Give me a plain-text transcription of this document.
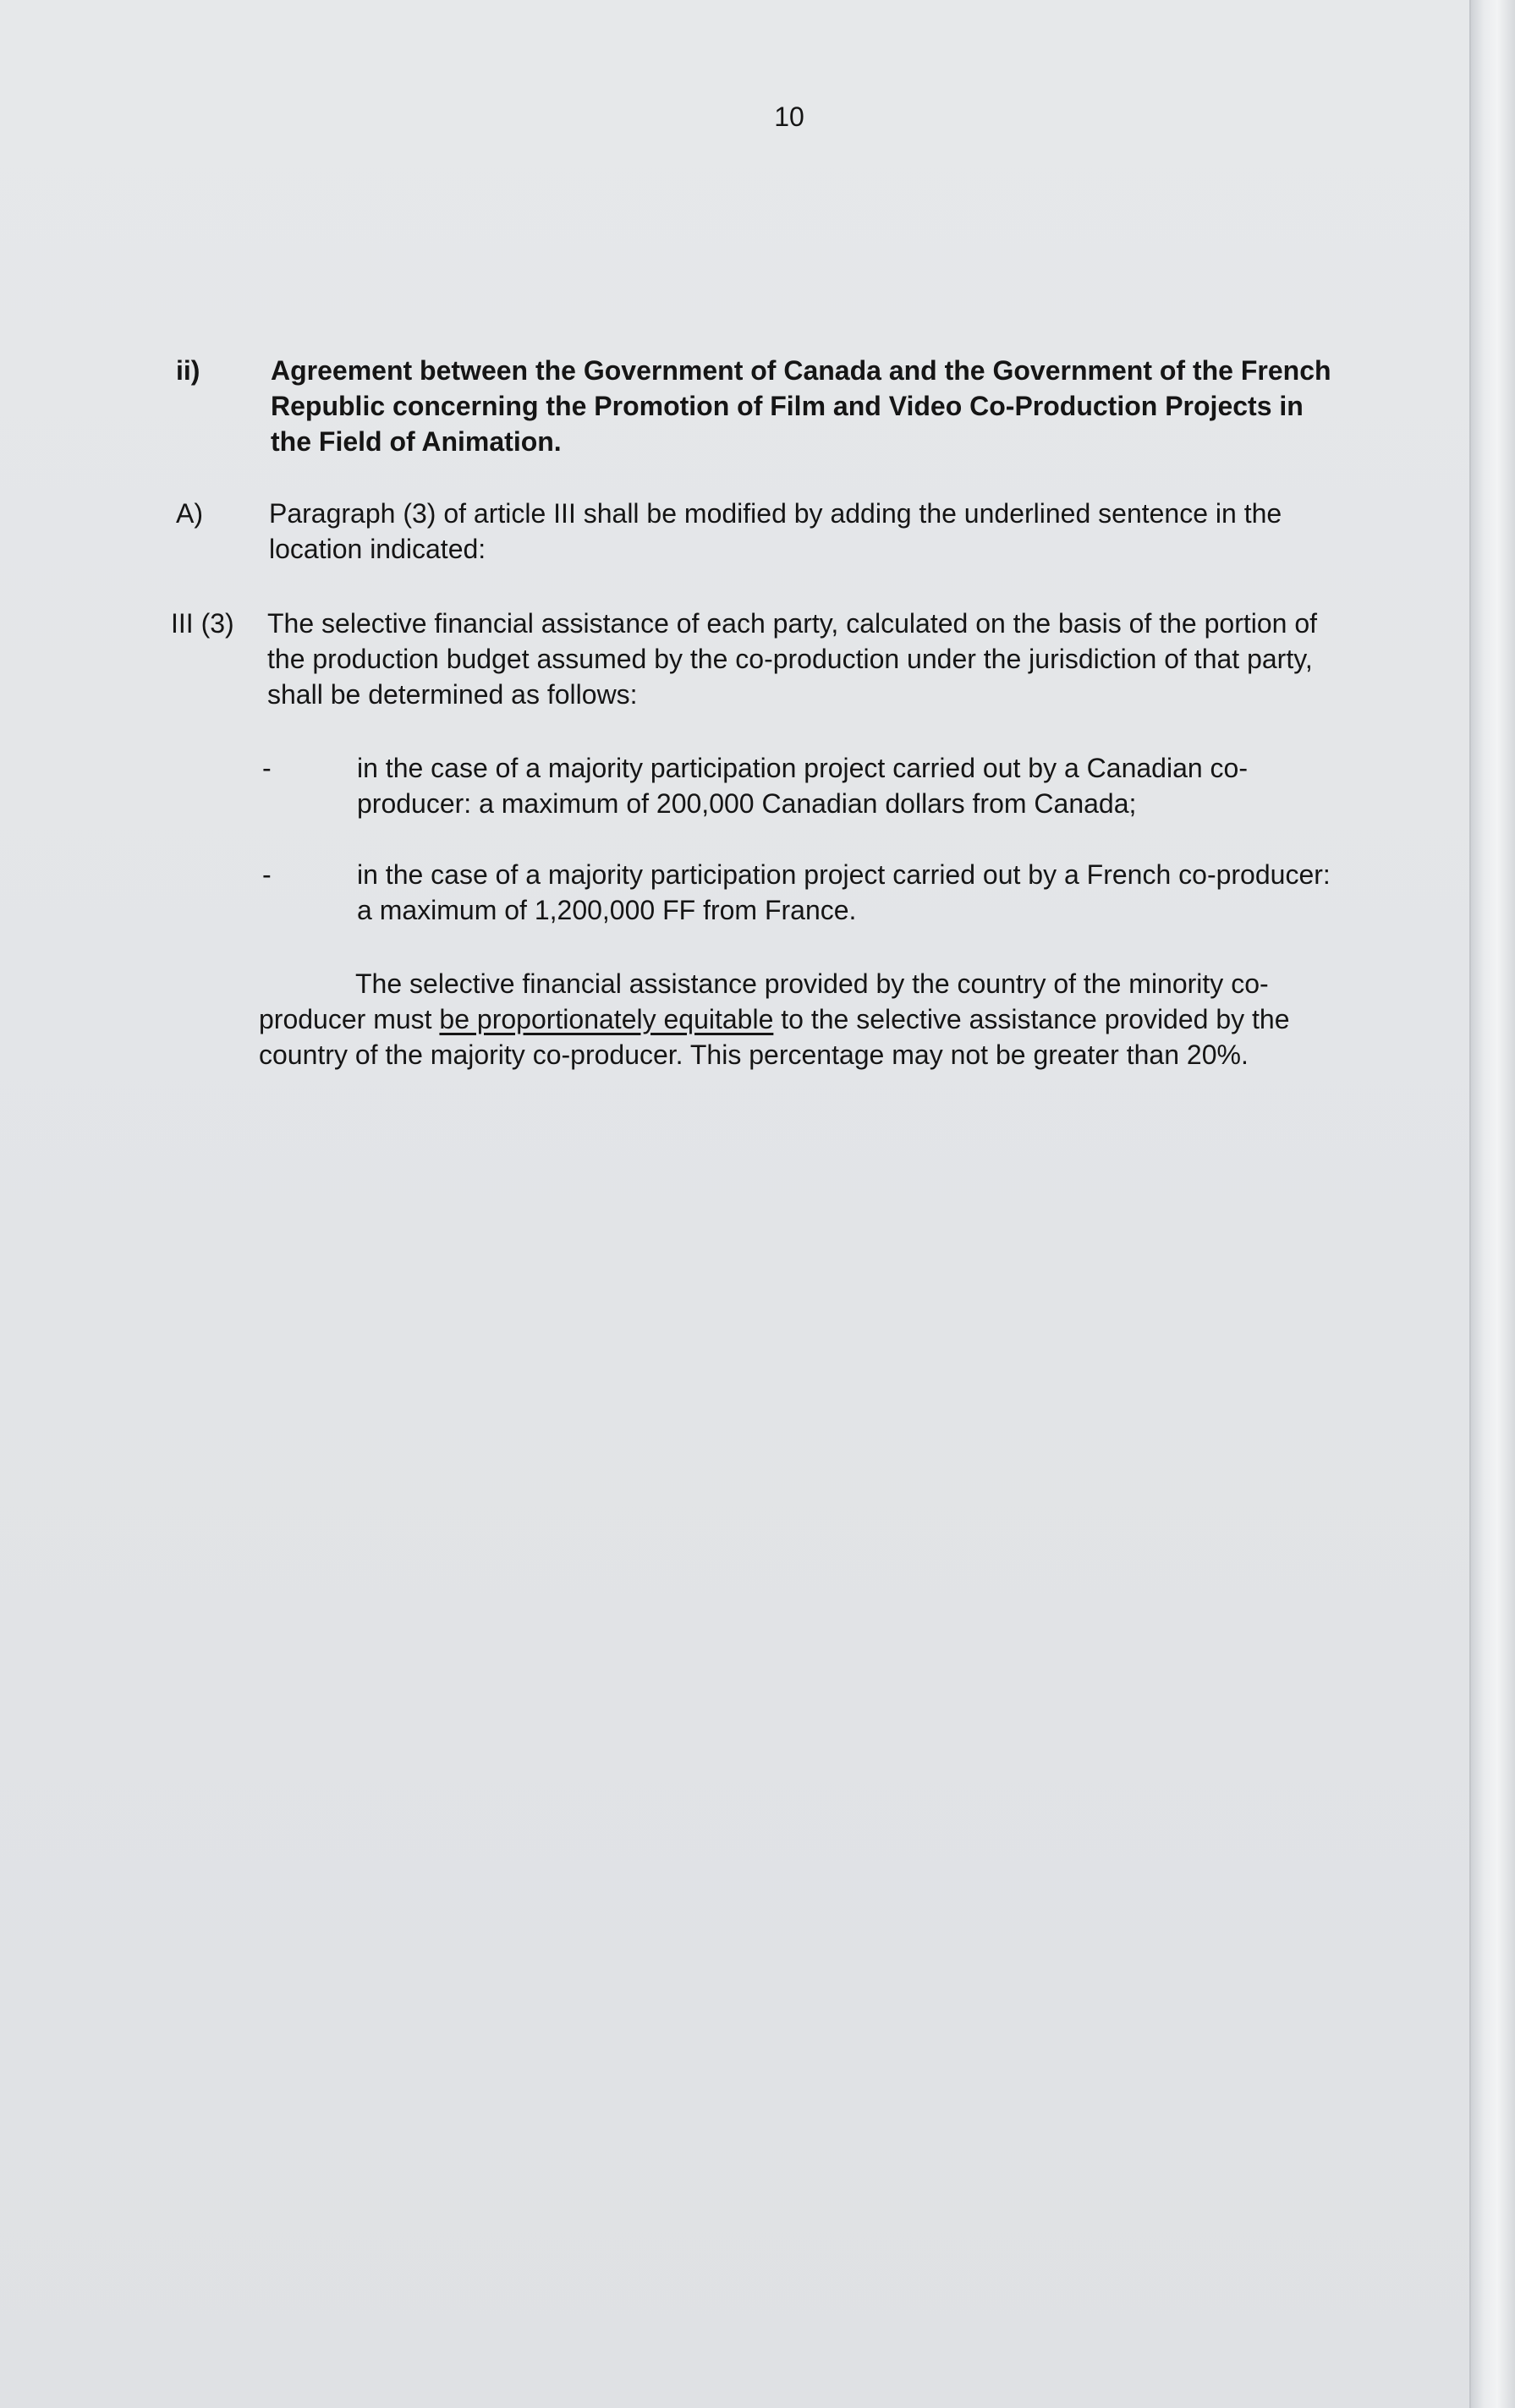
10
ii)	Agreement between the Government of Canada and the Government of the French Republic concerning the Promotion of Film and Video Co-Production Projects in the Field of Animation.
A) Paragraph (3) of article III shall be modified by adding the underlined sentence in the location indicated:
III (3) The selective financial assistance of each party, calculated on the basis of the portion of the production budget assumed by the co-production under the jurisdiction of that party, shall be determined as follows:
-	in the case of a majority participation project carried out by a Canadian co-producer: a maximum of 200,000 Canadian dollars from Canada;
-	in the case of a majority participation project carried out by a French co-producer: a maximum of 1,200,000 FF from France.
The selective financial assistance provided by the country of the minority co-producer must be proportionately equitable to the selective assistance provided by the country of the majority co-producer. This percentage may not be greater than 20%.
